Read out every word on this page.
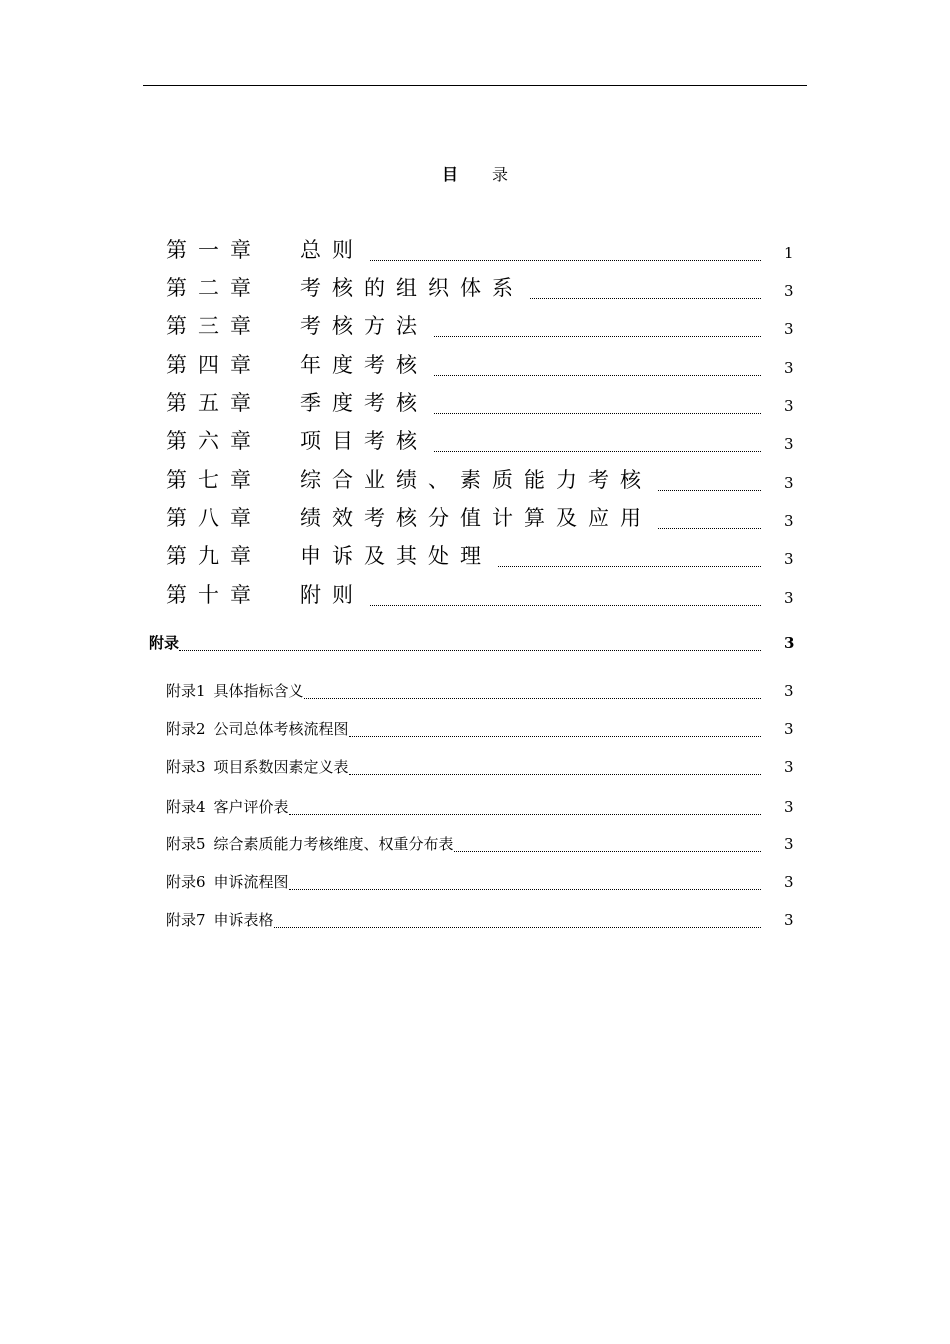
目 录
第一章	总则	1
第二章	考核的组织体系	3
第三章	考核方法	3
第四章	年度考核	3
第五章	季度考核	3
第六章	项目考核	3
第七章	综合业绩、素质能力考核	3
第八章	绩效考核分值计算及应用	3
第九章	申诉及其处理	3
第十章	附则	3
附录	3
附录1 具体指标含义	3
附录2 公司总体考核流程图	3
附录3 项目系数因素定义表	3
附录4 客户评价表	3
附录5 综合素质能力考核维度、权重分布表	3
附录6 申诉流程图	3
附录7 申诉表格	3
